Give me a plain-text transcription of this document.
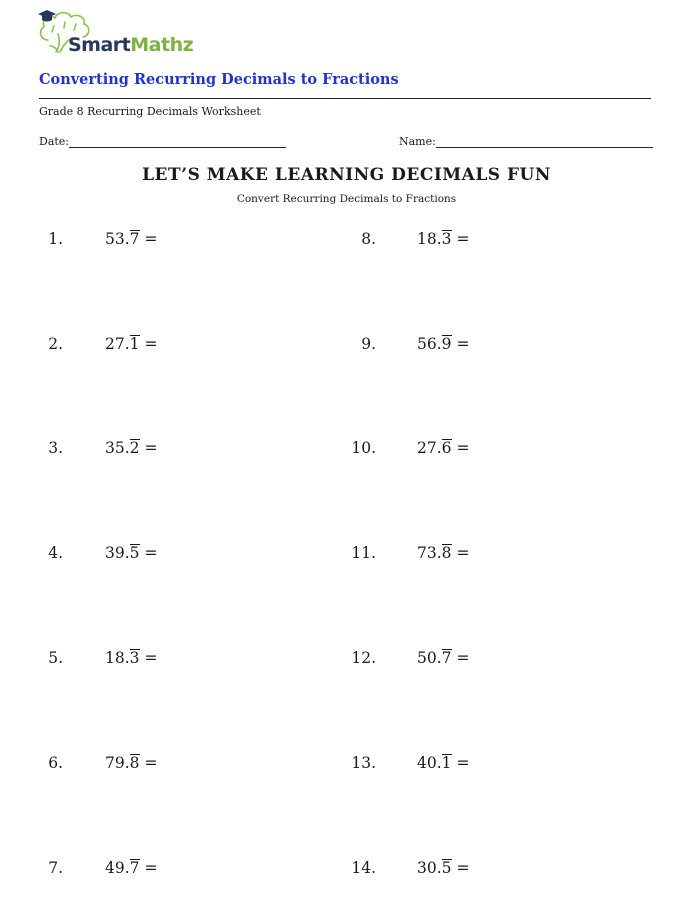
SmartMathz
Converting Recurring Decimals to Fractions
Grade 8 Recurring Decimals Worksheet
Date:	Name:
LET’S MAKE LEARNING DECIMALS FUN
Convert Recurring Decimals to Fractions
1.	53.7 =
2.	27.1 =
3.	35.2 =
4.	39.5 =
5.	18.3 =
6.	79.8 =
7.	49.7 =
8.	18.3 =
9.	56.9 =
10.	27.6 =
11.	73.8 =
12.	50.7 =
13.	40.1 =
14.	30.5 =
